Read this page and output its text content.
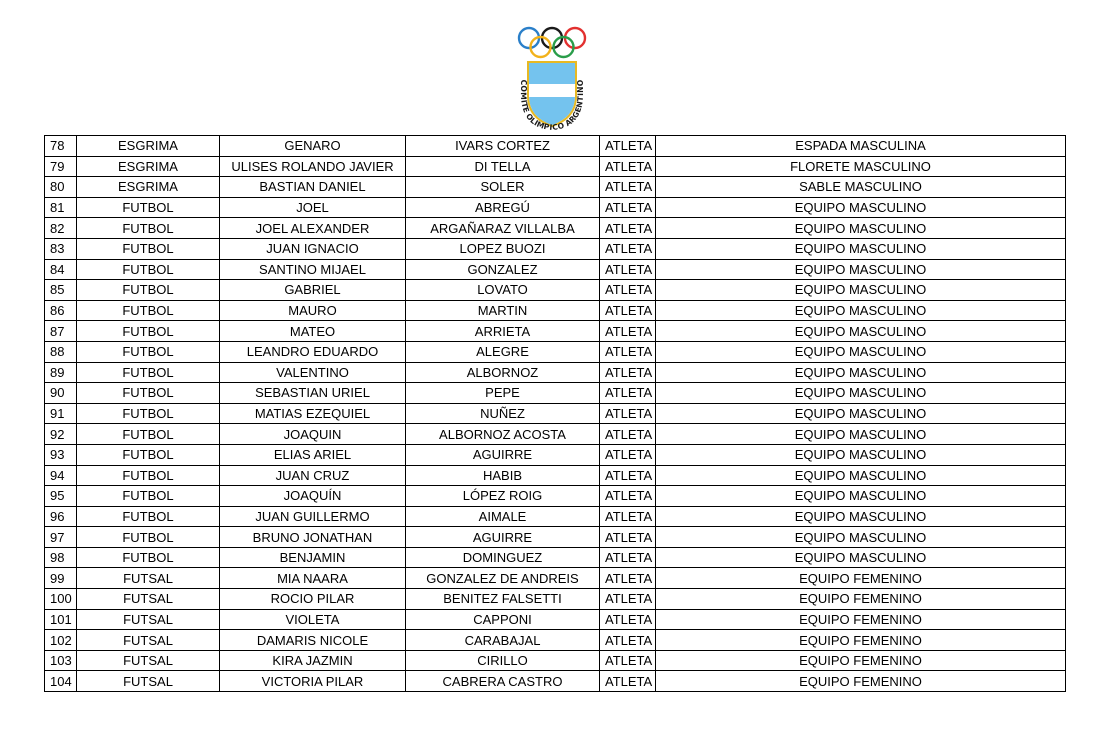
COMITE OLIMPICO ARGENTINO
78	ESGRIMA	GENARO	IVARS CORTEZ	ATLETA	ESPADA MASCULINA
79	ESGRIMA	ULISES ROLANDO JAVIER	DI TELLA	ATLETA	FLORETE MASCULINO
80	ESGRIMA	BASTIAN DANIEL	SOLER	ATLETA	SABLE MASCULINO
81	FUTBOL	JOEL	ABREGÚ	ATLETA	EQUIPO MASCULINO
82	FUTBOL	JOEL ALEXANDER	ARGAÑARAZ VILLALBA	ATLETA	EQUIPO MASCULINO
83	FUTBOL	JUAN IGNACIO	LOPEZ BUOZI	ATLETA	EQUIPO MASCULINO
84	FUTBOL	SANTINO MIJAEL	GONZALEZ	ATLETA	EQUIPO MASCULINO
85	FUTBOL	GABRIEL	LOVATO	ATLETA	EQUIPO MASCULINO
86	FUTBOL	MAURO	MARTIN	ATLETA	EQUIPO MASCULINO
87	FUTBOL	MATEO	ARRIETA	ATLETA	EQUIPO MASCULINO
88	FUTBOL	LEANDRO EDUARDO	ALEGRE	ATLETA	EQUIPO MASCULINO
89	FUTBOL	VALENTINO	ALBORNOZ	ATLETA	EQUIPO MASCULINO
90	FUTBOL	SEBASTIAN URIEL	PEPE	ATLETA	EQUIPO MASCULINO
91	FUTBOL	MATIAS EZEQUIEL	NUÑEZ	ATLETA	EQUIPO MASCULINO
92	FUTBOL	JOAQUIN	ALBORNOZ ACOSTA	ATLETA	EQUIPO MASCULINO
93	FUTBOL	ELIAS ARIEL	AGUIRRE	ATLETA	EQUIPO MASCULINO
94	FUTBOL	JUAN CRUZ	HABIB	ATLETA	EQUIPO MASCULINO
95	FUTBOL	JOAQUÍN	LÓPEZ ROIG	ATLETA	EQUIPO MASCULINO
96	FUTBOL	JUAN GUILLERMO	AIMALE	ATLETA	EQUIPO MASCULINO
97	FUTBOL	BRUNO JONATHAN	AGUIRRE	ATLETA	EQUIPO MASCULINO
98	FUTBOL	BENJAMIN	DOMINGUEZ	ATLETA	EQUIPO MASCULINO
99	FUTSAL	MIA NAARA	GONZALEZ DE ANDREIS	ATLETA	EQUIPO FEMENINO
100	FUTSAL	ROCIO PILAR	BENITEZ FALSETTI	ATLETA	EQUIPO FEMENINO
101	FUTSAL	VIOLETA	CAPPONI	ATLETA	EQUIPO FEMENINO
102	FUTSAL	DAMARIS NICOLE	CARABAJAL	ATLETA	EQUIPO FEMENINO
103	FUTSAL	KIRA JAZMIN	CIRILLO	ATLETA	EQUIPO FEMENINO
104	FUTSAL	VICTORIA PILAR	CABRERA CASTRO	ATLETA	EQUIPO FEMENINO
